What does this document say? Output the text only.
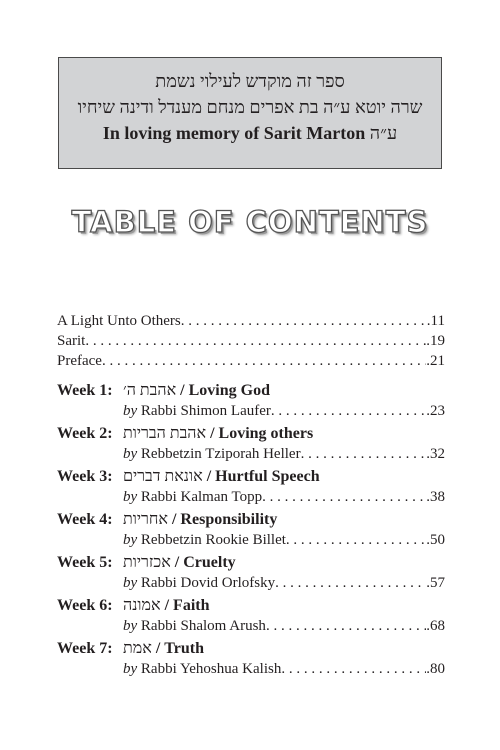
ספר זה מוקדש לעילוי נשמת
שרה יוטא ע״ה בת אפרים מנחם מענדל ודינה שיחיו
In loving memory of Sarit Marton ע״ה
TABLE OF CONTENTS
A Light Unto Others . . .	.11
Sarit . . .	.19
Preface . . .	.21
Week 1: אהבת ה׳ / Loving God
by Rabbi Shimon Laufer . . .	.23
Week 2: אהבת הבריות / Loving others
by Rebbetzin Tziporah Heller . . .	.32
Week 3: אונאת דברים / Hurtful Speech
by Rabbi Kalman Topp . . .	.38
Week 4: אחריות / Responsibility
by Rebbetzin Rookie Billet . . .	.50
Week 5: אכזריות / Cruelty
by Rabbi Dovid Orlofsky . . .	.57
Week 6: אמונה / Faith
by Rabbi Shalom Arush . . .	.68
Week 7: אמת / Truth
by Rabbi Yehoshua Kalish . . .	.80
